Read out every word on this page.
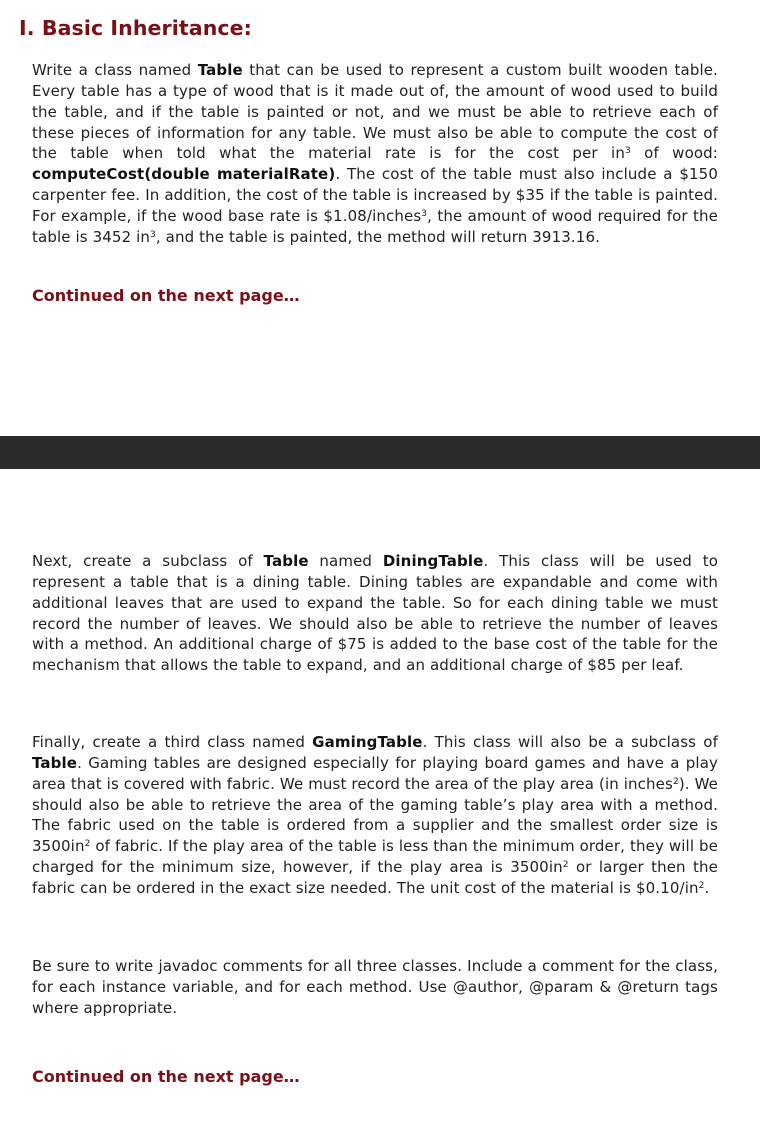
I. Basic Inheritance:

Write a class named Table that can be used to represent a custom built wooden table. Every table has a type of wood that is it made out of, the amount of wood used to build the table, and if the table is painted or not, and we must be able to retrieve each of these pieces of information for any table. We must also be able to compute the cost of the table when told what the material rate is for the cost per $in^3$ of wood: computeCost(double materialRate). The cost of the table must also include a $150 carpenter fee. In addition, the cost of the table is increased by $35 if the table is painted. For example, if the wood base rate is $1.08/inches$^3$, the amount of wood required for the table is 3452 $in^3$, and the table is painted, the method will return 3913.16.

Continued on the next page…

Next, create a subclass of Table named DiningTable. This class will be used to represent a table that is a dining table. Dining tables are expandable and come with additional leaves that are used to expand the table. So for each dining table we must record the number of leaves. We should also be able to retrieve the number of leaves with a method. An additional charge of $75 is added to the base cost of the table for the mechanism that allows the table to expand, and an additional charge of $85 per leaf.

Finally, create a third class named GamingTable. This class will also be a subclass of Table. Gaming tables are designed especially for playing board games and have a play area that is covered with fabric. We must record the area of the play area (in inches$^2$). We should also be able to retrieve the area of the gaming table’s play area with a method. The fabric used on the table is ordered from a supplier and the smallest order size is $3500in^2$ of fabric. If the play area of the table is less than the minimum order, they will be charged for the minimum size, however, if the play area is $3500in^2$ or larger then the fabric can be ordered in the exact size needed. The unit cost of the material is $\$0.10/in^2$.

Be sure to write javadoc comments for all three classes. Include a comment for the class, for each instance variable, and for each method. Use @author, @param & @return tags where appropriate.

Continued on the next page…
